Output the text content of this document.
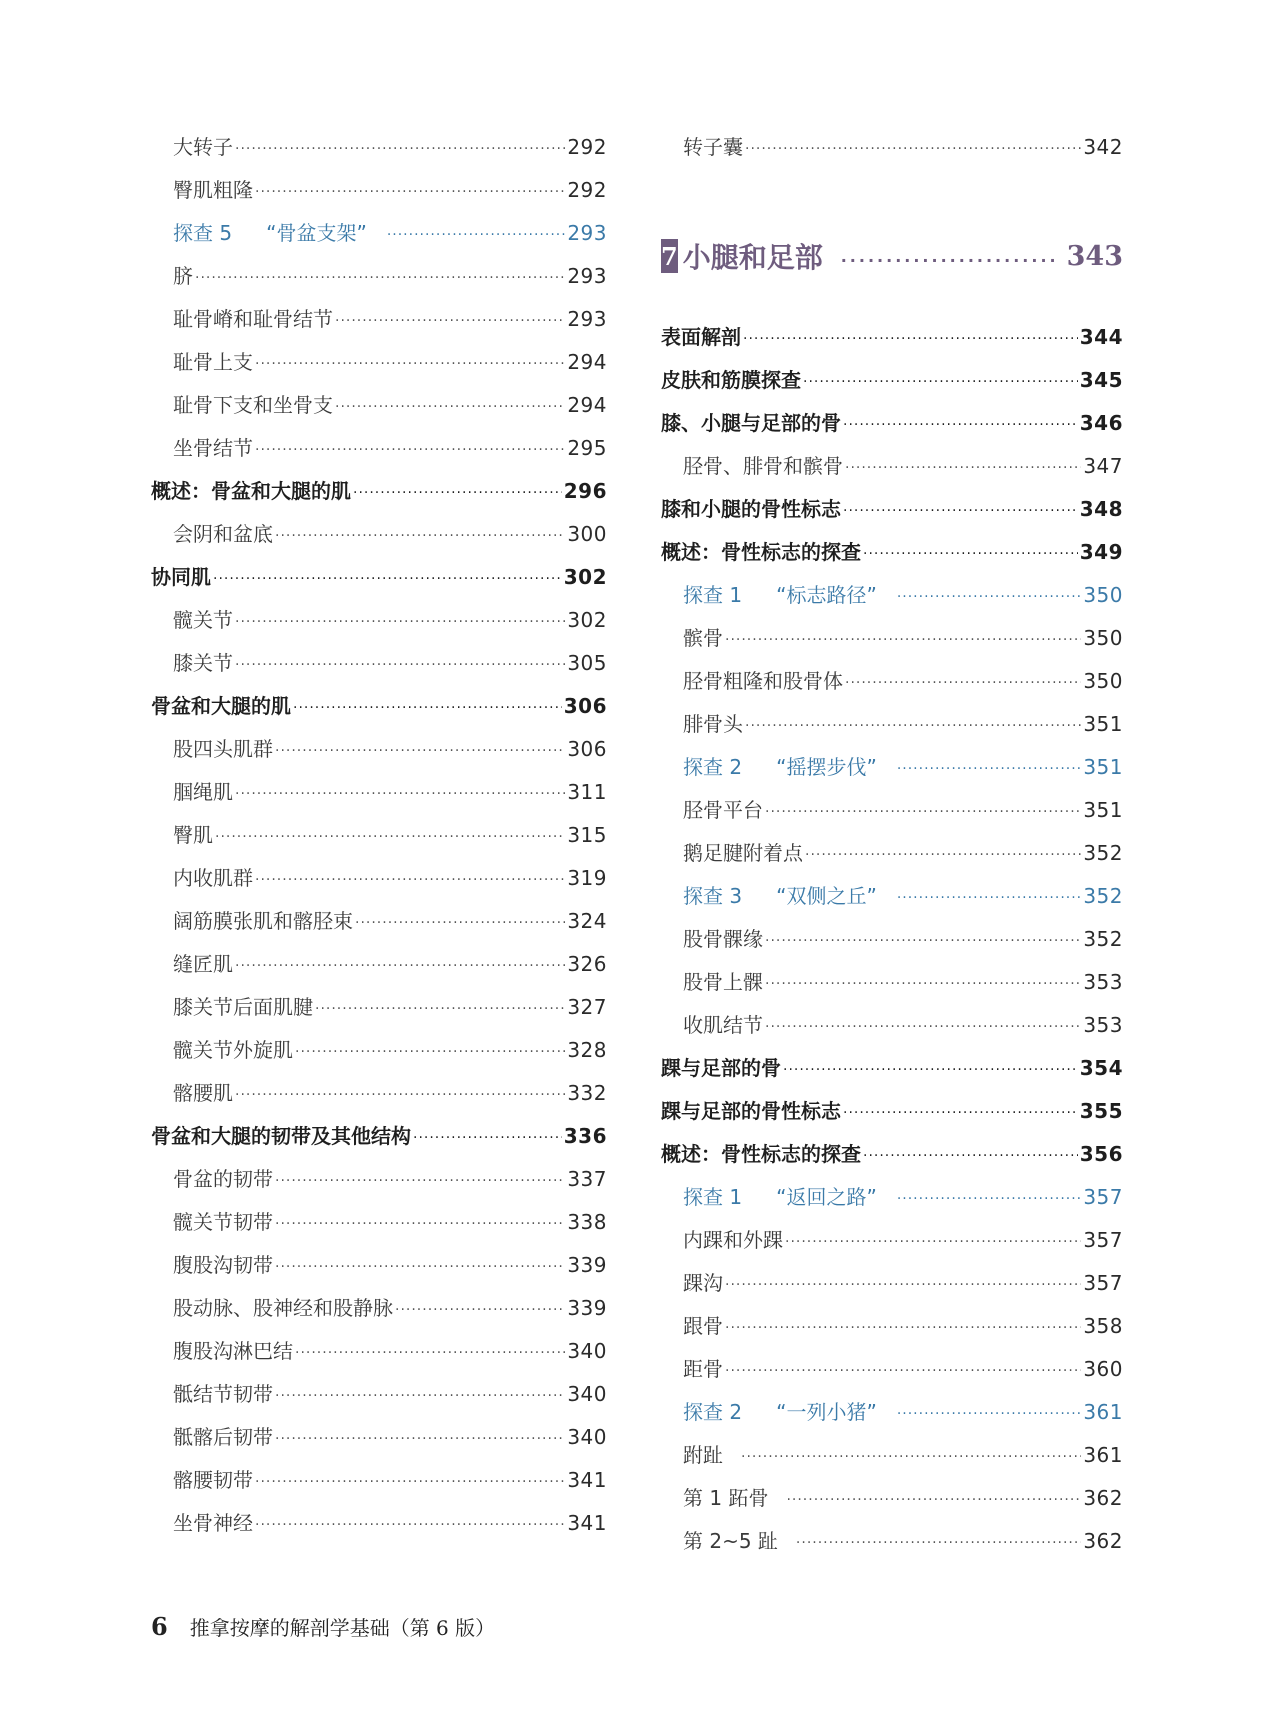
大转子 ·····	292
臀肌粗隆 ·····	292
探查 5 “骨盆支架” ·····	293
脐 ·····	293
耻骨嵴和耻骨结节 ·····	293
耻骨上支 ·····	294
耻骨下支和坐骨支 ·····	294
坐骨结节 ·····	295
概述：骨盆和大腿的肌 ·····	296
会阴和盆底 ·····	300
协同肌 ·····	302
髋关节 ·····	302
膝关节 ·····	305
骨盆和大腿的肌 ·····	306
股四头肌群 ·····	306
腘绳肌 ·····	311
臀肌 ·····	315
内收肌群 ·····	319
阔筋膜张肌和髂胫束 ·····	324
缝匠肌 ·····	326
膝关节后面肌腱 ·····	327
髋关节外旋肌 ·····	328
髂腰肌 ·····	332
骨盆和大腿的韧带及其他结构 ·····	336
骨盆的韧带 ·····	337
髋关节韧带 ·····	338
腹股沟韧带 ·····	339
股动脉、股神经和股静脉 ·····	339
腹股沟淋巴结 ·····	340
骶结节韧带 ·····	340
骶髂后韧带 ·····	340
髂腰韧带 ·····	341
坐骨神经 ·····	341
转子囊 ·····	342
表面解剖 ·····	344
皮肤和筋膜探查 ·····	345
膝、小腿与足部的骨 ·····	346
胫骨、腓骨和髌骨 ·····	347
膝和小腿的骨性标志 ·····	348
概述：骨性标志的探查 ·····	349
探查 1 “标志路径” ·····	350
髌骨 ·····	350
胫骨粗隆和股骨体 ·····	350
腓骨头 ·····	351
探查 2 “摇摆步伐” ·····	351
胫骨平台 ·····	351
鹅足腱附着点 ·····	352
探查 3 “双侧之丘” ·····	352
股骨髁缘 ·····	352
股骨上髁 ·····	353
收肌结节 ·····	353
踝与足部的骨 ·····	354
踝与足部的骨性标志 ·····	355
概述：骨性标志的探查 ·····	356
探查 1 “返回之路” ·····	357
内踝和外踝 ·····	357
踝沟 ·····	357
跟骨 ·····	358
距骨 ·····	360
探查 2 “一列小猪” ·····	361
跗趾 ·····	361
第 1 跖骨 ·····	362
第 2~5 趾 ·····	362
7 小腿和足部 ·····	343
6 推拿按摩的解剖学基础（第 6 版）
